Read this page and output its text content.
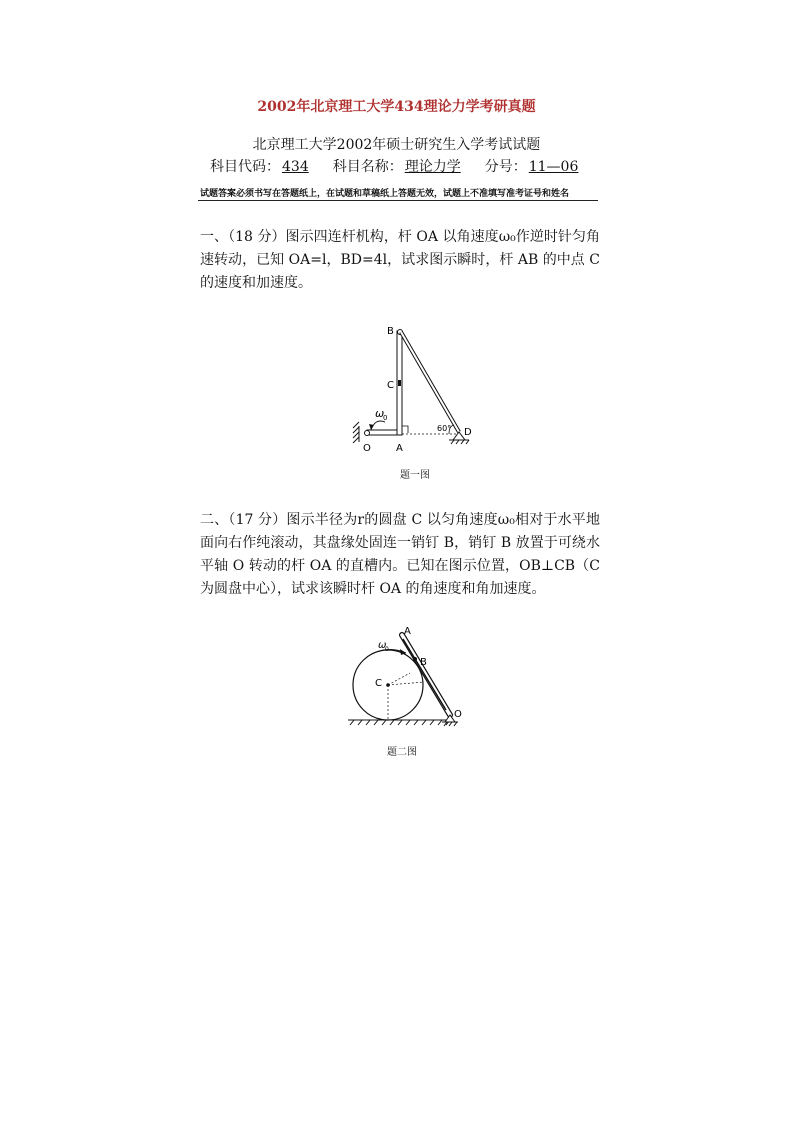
2002年北京理工大学434理论力学考研真题
北京理工大学2002年硕士研究生入学考试试题
科目代码： 434 科目名称： 理论力学 分号： 11—06
试题答案必须书写在答题纸上，在试题和草稿纸上答题无效，试题上不准填写准考证号和姓名
一、（18 分）图示四连杆机构，杆 OA 以角速度ω₀作逆时针匀角速转动，已知 OA=l，BD=4l，试求图示瞬时，杆 AB 的中点 C 的速度和加速度。
B
C
A
O
D
ω
0
60°
题一图
二、（17 分）图示半径为r的圆盘 C 以匀角速度ω₀相对于水平地面向右作纯滚动，其盘缘处固连一销钉 B，销钉 B 放置于可绕水平轴 O 转动的杆 OA 的直槽内。已知在图示位置，OB⊥CB（C 为圆盘中心），试求该瞬时杆 OA 的角速度和角加速度。
A
B
C
O
ω
0
题二图
